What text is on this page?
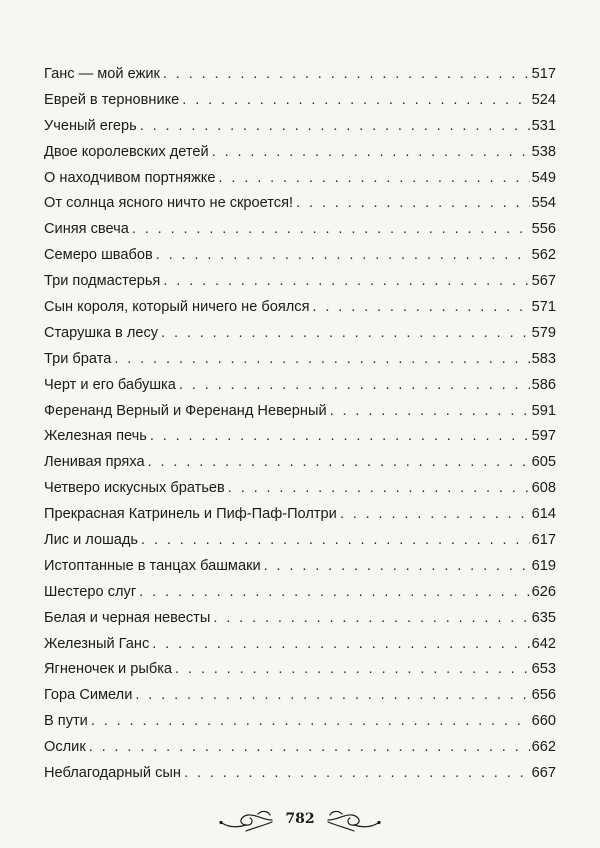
Ганс — мой ежик . . .	517
Еврей в терновнике . . .	524
Ученый егерь . . .	531
Двое королевских детей . . .	538
О находчивом портняжке . . .	549
От солнца ясного ничто не скроется! . . .	554
Синяя свеча . . .	556
Семеро швабов . . .	562
Три подмастерья . . .	567
Сын короля, который ничего не боялся . . .	571
Старушка в лесу . . .	579
Три брата . . .	583
Черт и его бабушка . . .	586
Ференанд Верный и Ференанд Неверный . . .	591
Железная печь . . .	597
Ленивая пряха . . .	605
Четверо искусных братьев . . .	608
Прекрасная Катринель и Пиф-Паф-Полтри . . .	614
Лис и лошадь . . .	617
Истоптанные в танцах башмаки . . .	619
Шестеро слуг . . .	626
Белая и черная невесты . . .	635
Железный Ганс . . .	642
Ягненочек и рыбка . . .	653
Гора Симели . . .	656
В пути . . .	660
Ослик . . .	662
Неблагодарный сын . . .	667
782
